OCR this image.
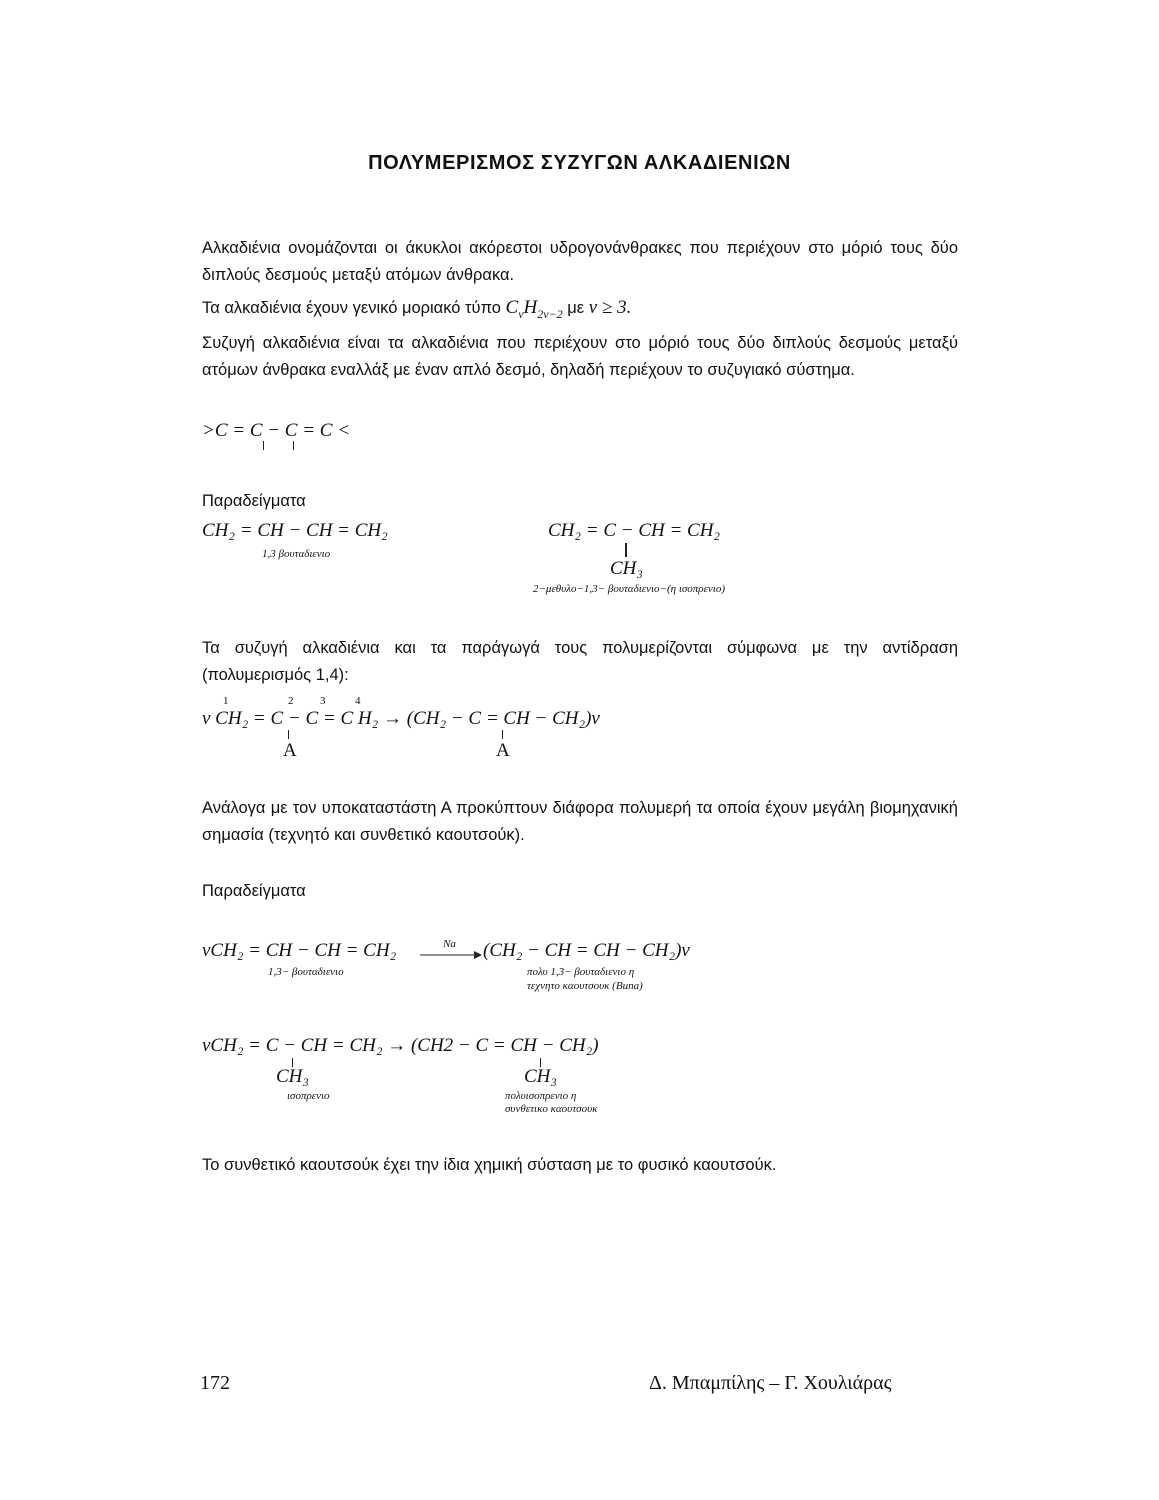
ΠΟΛΥΜΕΡΙΣΜΟΣ ΣΥΖΥΓΩΝ ΑΛΚΑΔΙΕΝΙΩΝ
Αλκαδιένια ονομάζονται οι άκυκλοι ακόρεστοι υδρογονάνθρακες που περιέχουν στο μόριό τους δύο διπλούς δεσμούς μεταξύ ατόμων άνθρακα.
Τα αλκαδιένια έχουν γενικό μοριακό τύπο $C_\nu H_{2\nu-2}$ με ν ≥ 3.
Συζυγή αλκαδιένια είναι τα αλκαδιένια που περιέχουν στο μόριό τους δύο διπλούς δεσμούς μεταξύ ατόμων άνθρακα εναλλάξ με έναν απλό δεσμό, δηλαδή περιέχουν το συζυγιακό σύστημα.
>C = C − C = C <
Παραδείγματα
CH₂ = CH − CH = CH₂
1,3 βουταδιενιο
CH₂ = C − CH = CH₂
CH₃
2−μεθυλο−1,3− βουταδιενιο−(η ισοπρενιο)
Τα συζυγή αλκαδιένια και τα παράγωγά τους πολυμερίζονται σύμφωνα με την αντίδραση (πολυμερισμός 1,4):
1	2 3	4
ν CH₂ = C − C = C H₂ → (CH₂ − C = CH − CH₂)ν
A	A
Ανάλογα με τον υποκαταστάστη Α προκύπτουν διάφορα πολυμερή τα οποία έχουν μεγάλη βιομηχανική σημασία (τεχνητό και συνθετικό καουτσούκ).
Παραδείγματα
νCH₂ = CH − CH = CH₂	Na → (CH₂ − CH = CH − CH₂)ν
1,3− βουταδιενιο	πολυ 1,3− βουταδιενιο η
τεχνητο καουτσουκ (Buna)
νCH₂ = C − CH = CH₂ → (CH2 − C = CH − CH₂)
CH₃	CH₃
ισοπρενιο	πολυισοπρενιο η
συνθετικο καουτσουκ
Το συνθετικό καουτσούκ έχει την ίδια χημική σύσταση με το φυσικό καουτσούκ.
172	Δ. Μπαμπίλης – Γ. Χουλιάρας
